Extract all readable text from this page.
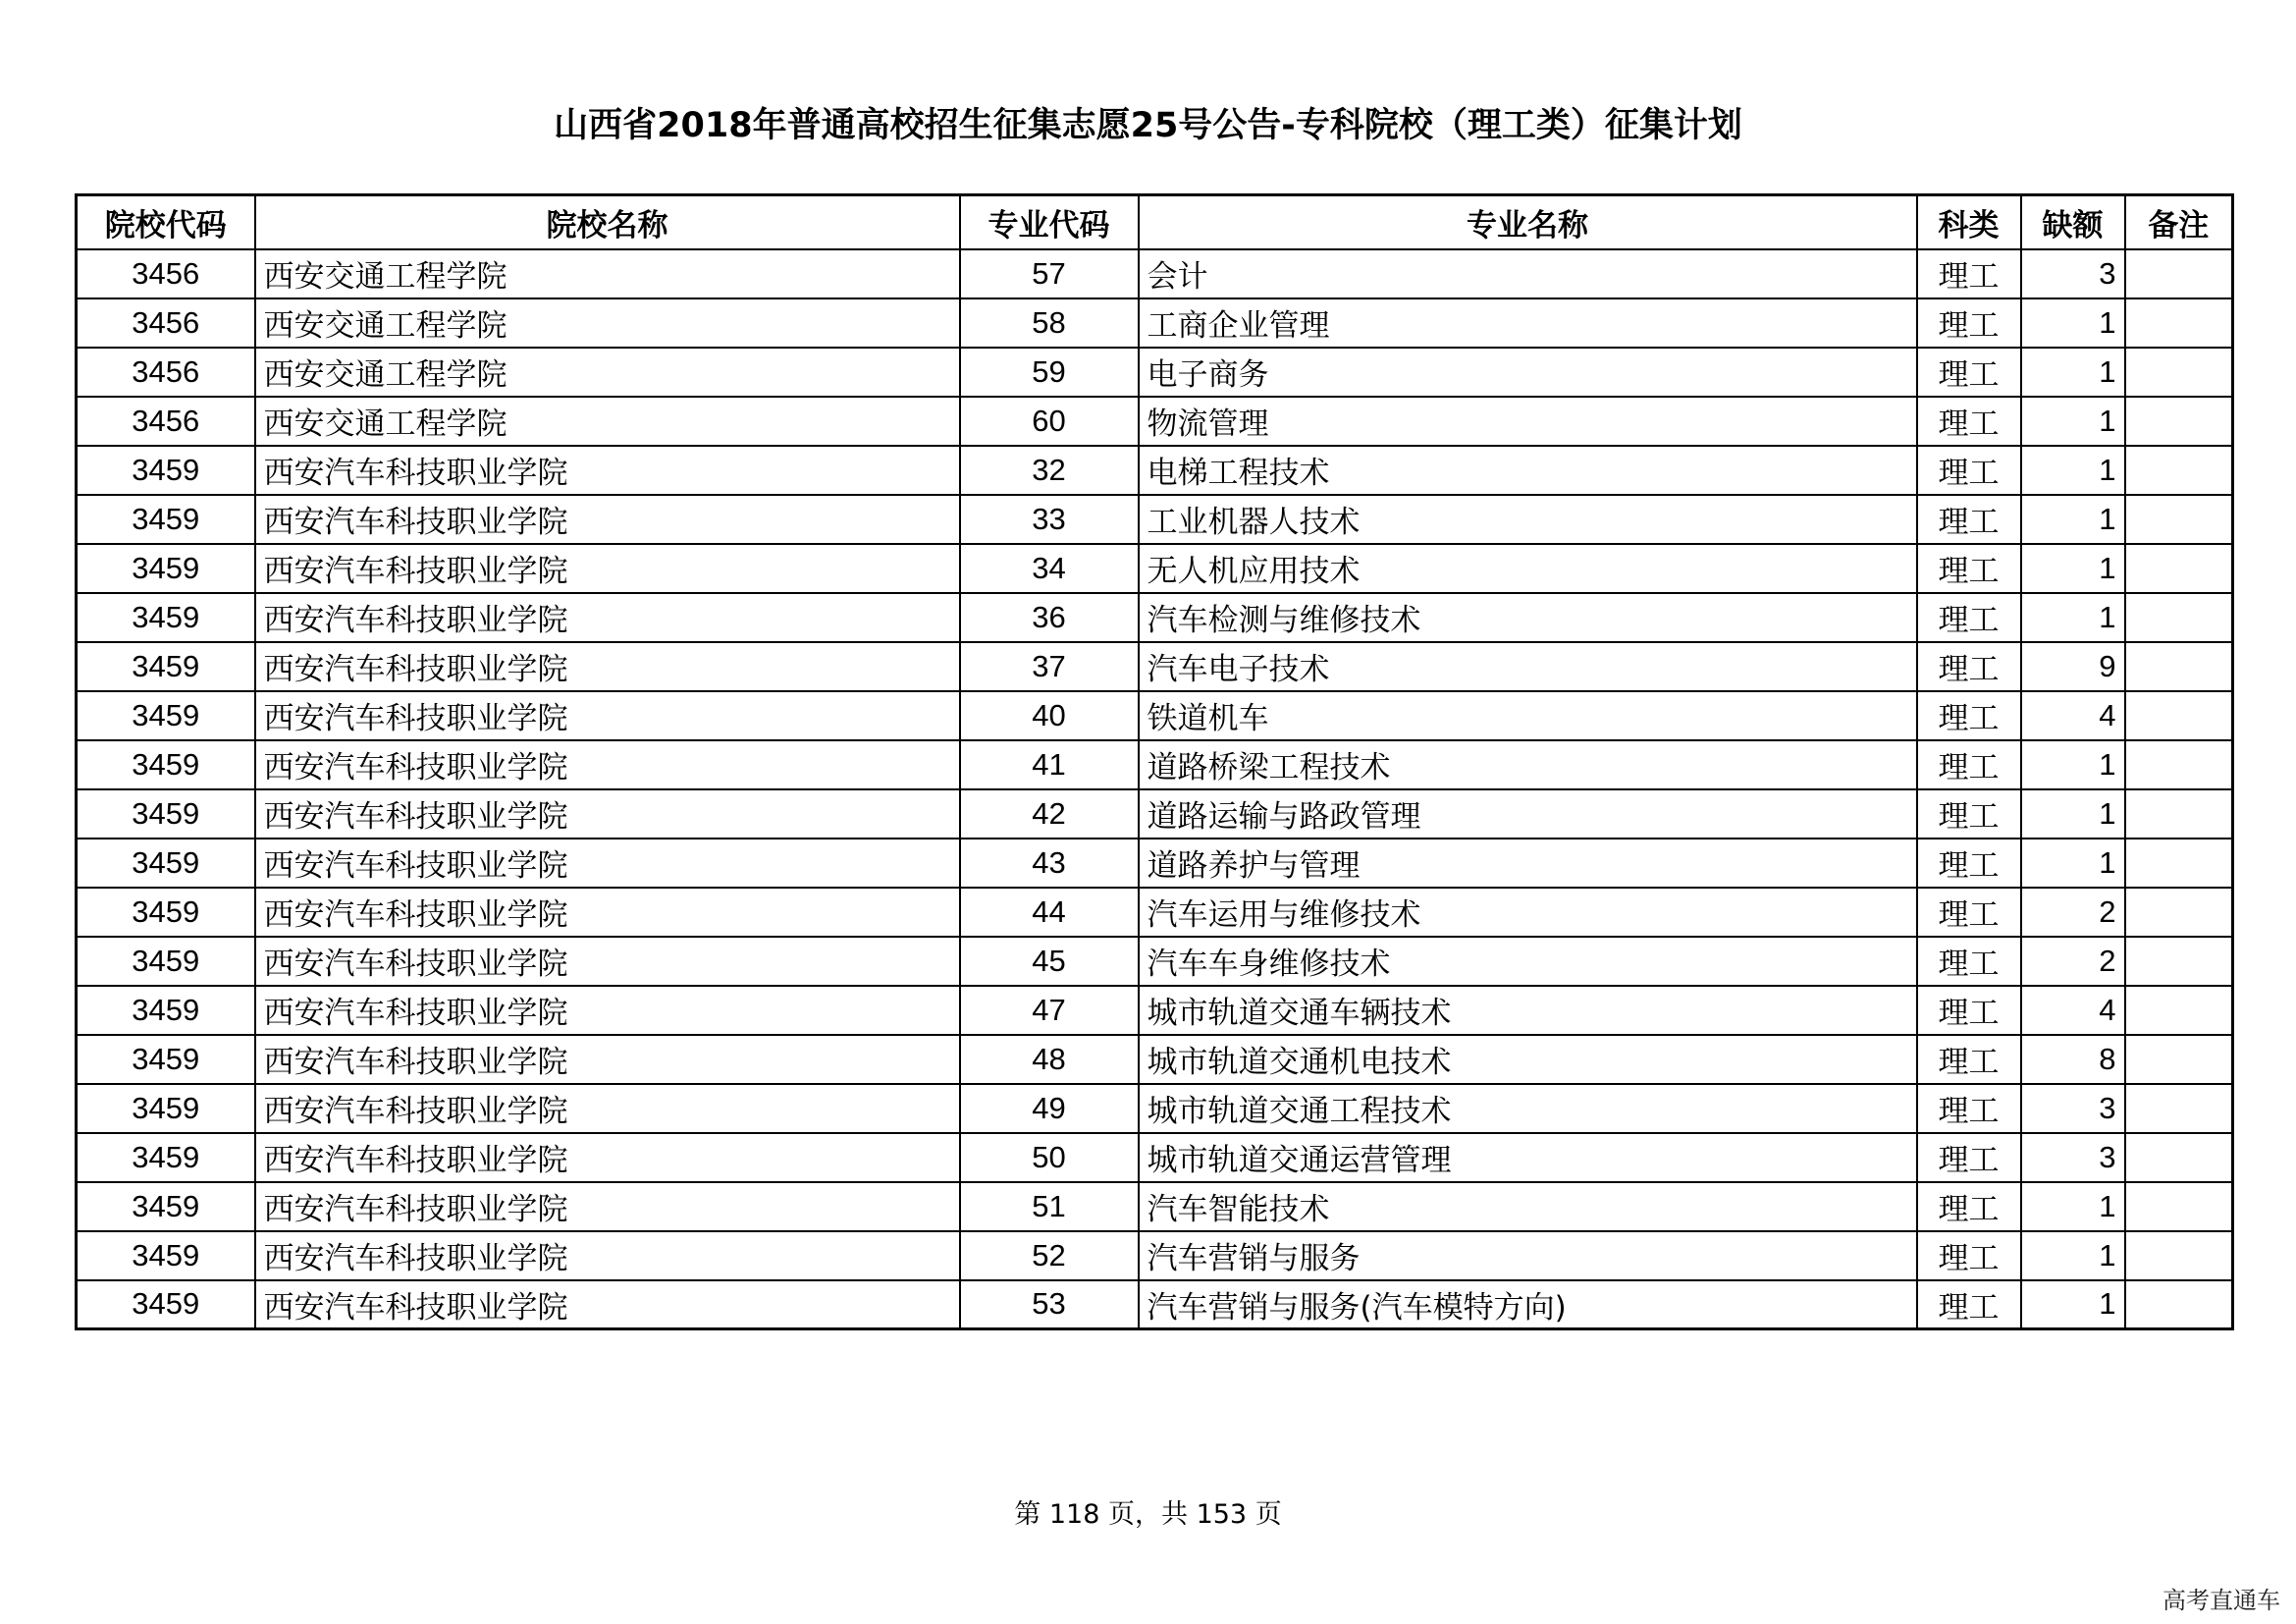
山西省2018年普通高校招生征集志愿25号公告-专科院校（理工类）征集计划
院校代码	院校名称	专业代码	专业名称	科类	缺额	备注
3456	西安交通工程学院	57	会计	理工	3	
3456	西安交通工程学院	58	工商企业管理	理工	1	
3456	西安交通工程学院	59	电子商务	理工	1	
3456	西安交通工程学院	60	物流管理	理工	1	
3459	西安汽车科技职业学院	32	电梯工程技术	理工	1	
3459	西安汽车科技职业学院	33	工业机器人技术	理工	1	
3459	西安汽车科技职业学院	34	无人机应用技术	理工	1	
3459	西安汽车科技职业学院	36	汽车检测与维修技术	理工	1	
3459	西安汽车科技职业学院	37	汽车电子技术	理工	9	
3459	西安汽车科技职业学院	40	铁道机车	理工	4	
3459	西安汽车科技职业学院	41	道路桥梁工程技术	理工	1	
3459	西安汽车科技职业学院	42	道路运输与路政管理	理工	1	
3459	西安汽车科技职业学院	43	道路养护与管理	理工	1	
3459	西安汽车科技职业学院	44	汽车运用与维修技术	理工	2	
3459	西安汽车科技职业学院	45	汽车车身维修技术	理工	2	
3459	西安汽车科技职业学院	47	城市轨道交通车辆技术	理工	4	
3459	西安汽车科技职业学院	48	城市轨道交通机电技术	理工	8	
3459	西安汽车科技职业学院	49	城市轨道交通工程技术	理工	3	
3459	西安汽车科技职业学院	50	城市轨道交通运营管理	理工	3	
3459	西安汽车科技职业学院	51	汽车智能技术	理工	1	
3459	西安汽车科技职业学院	52	汽车营销与服务	理工	1	
3459	西安汽车科技职业学院	53	汽车营销与服务(汽车模特方向)	理工	1	
第 118 页，共 153 页
高考直通车
